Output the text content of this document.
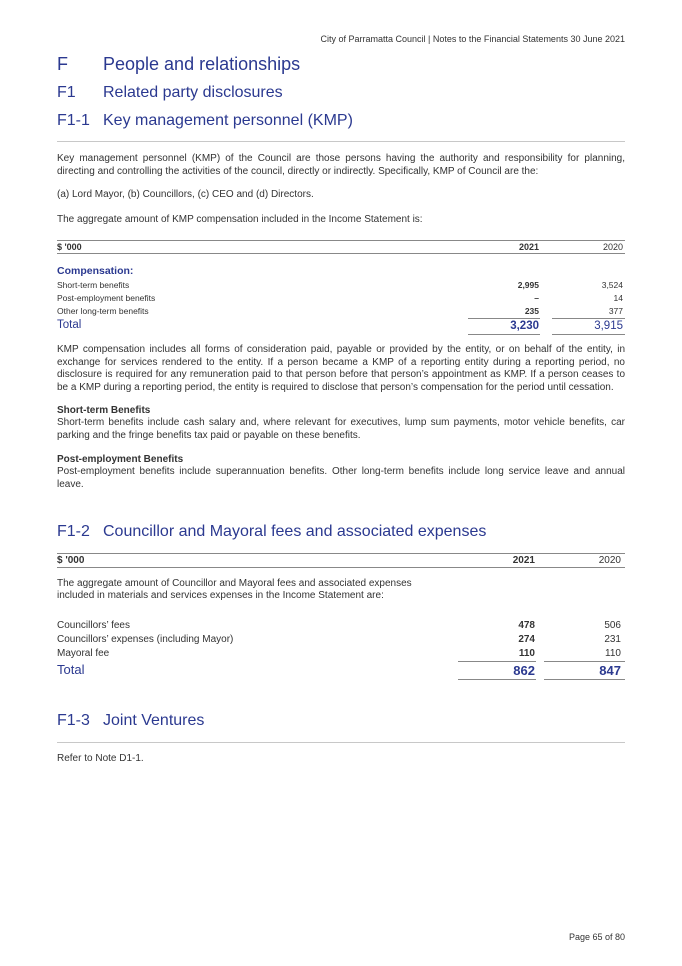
City of Parramatta Council | Notes to the Financial Statements 30 June 2021
F People and relationships
F1 Related party disclosures
F1-1 Key management personnel (KMP)
Key management personnel (KMP) of the Council are those persons having the authority and responsibility for planning, directing and controlling the activities of the council, directly or indirectly. Specifically, KMP of Council are the:
(a) Lord Mayor, (b) Councillors, (c) CEO and (d) Directors.
The aggregate amount of KMP compensation included in the Income Statement is:
$ '000	2021	2020
Compensation:
Short-term benefits	2,995	3,524
Post-employment benefits	–	14
Other long-term benefits	235	377
Total	3,230	3,915
KMP compensation includes all forms of consideration paid, payable or provided by the entity, or on behalf of the entity, in exchange for services rendered to the entity. If a person became a KMP of a reporting entity during a reporting period, no disclosure is required for any remuneration paid to that person before that person’s appointment as KMP. If a person ceases to be a KMP during a reporting period, the entity is required to disclose that person’s compensation for the period until cessation.
Short-term Benefits
Short-term benefits include cash salary and, where relevant for executives, lump sum payments, motor vehicle benefits, car parking and the fringe benefits tax paid or payable on these benefits.
Post-employment Benefits
Post-employment benefits include superannuation benefits. Other long-term benefits include long service leave and annual leave.
F1-2 Councillor and Mayoral fees and associated expenses
$ '000	2021	2020
The aggregate amount of Councillor and Mayoral fees and associated expenses
included in materials and services expenses in the Income Statement are:
Councillors’ fees	478	506
Councillors’ expenses (including Mayor)	274	231
Mayoral fee	110	110
Total	862	847
F1-3 Joint Ventures
Refer to Note D1-1.
Page 65 of 80
